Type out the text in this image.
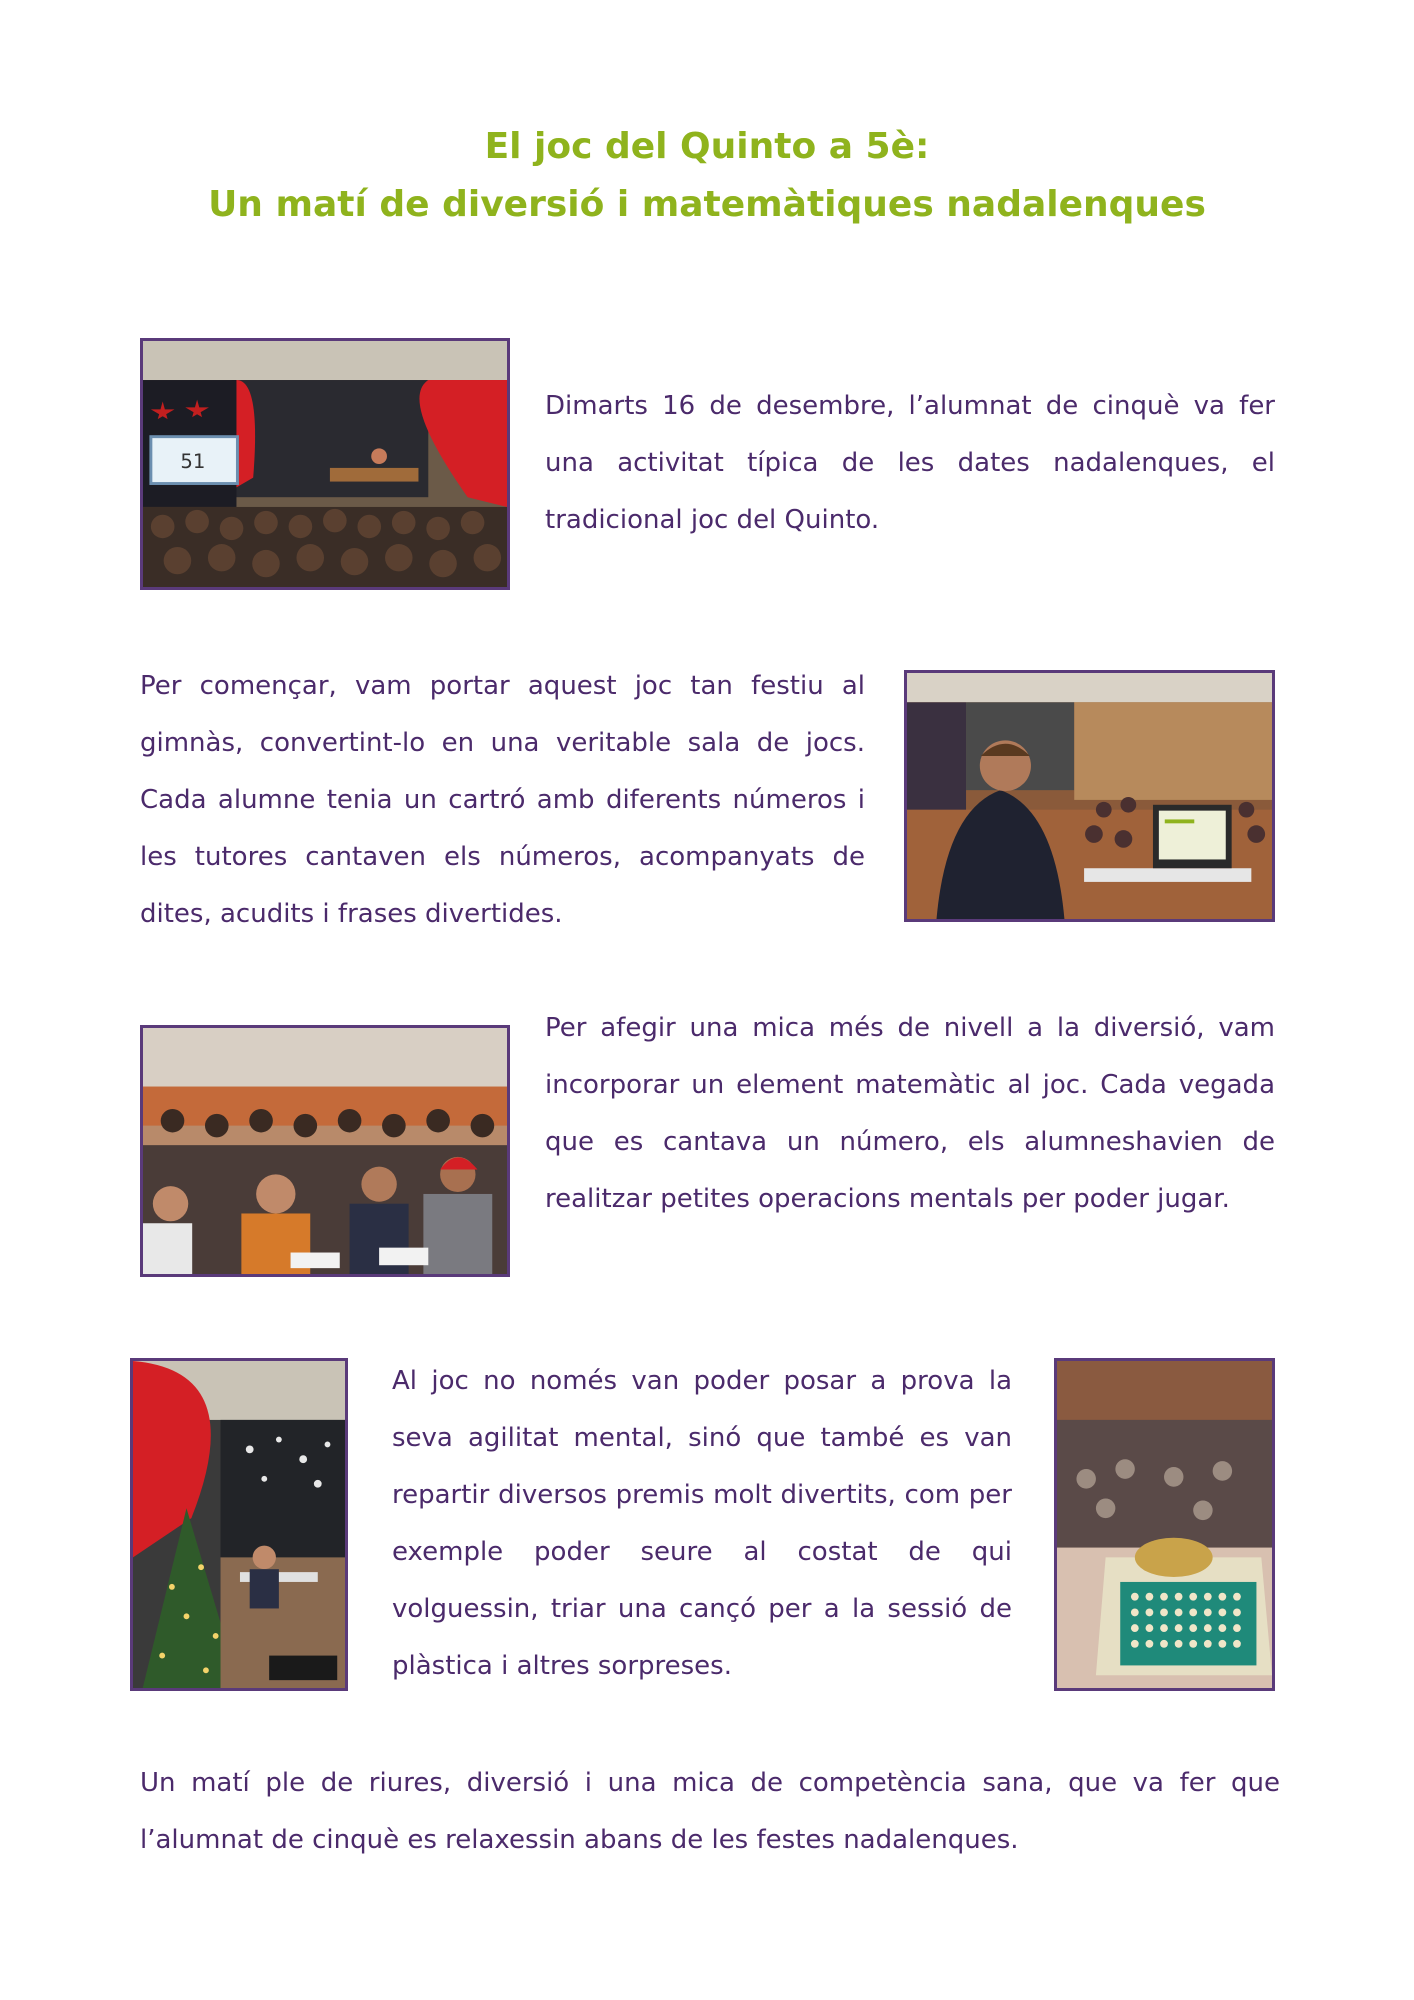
El joc del Quinto a 5è:
Un matí de diversió i matemàtiques nadalenques
51
Dimarts 16 de desembre, l’alumnat de cinquè va fer una activitat típica de les dates nadalenques, el tradicional joc del Quinto.
Per començar, vam portar aquest joc tan festiu al gimnàs, convertint-lo en una veritable sala de jocs. Cada alumne tenia un cartró amb diferents números i les tutores cantaven els números, acompanyats de dites, acudits i frases divertides.
Per afegir una mica més de nivell a la diversió, vam incorporar un element matemàtic al joc. Cada vegada que es cantava un número, els alumneshavien de realitzar petites operacions mentals per poder jugar.
Al joc no només van poder posar a prova la seva agilitat mental, sinó que també es van repartir diversos premis molt divertits, com per exemple poder seure al costat de qui volguessin, triar una cançó per a la sessió de plàstica i altres sorpreses.
Un matí ple de riures, diversió i una mica de competència sana, que va fer que l’alumnat de cinquè es relaxessin abans de les festes nadalenques.
